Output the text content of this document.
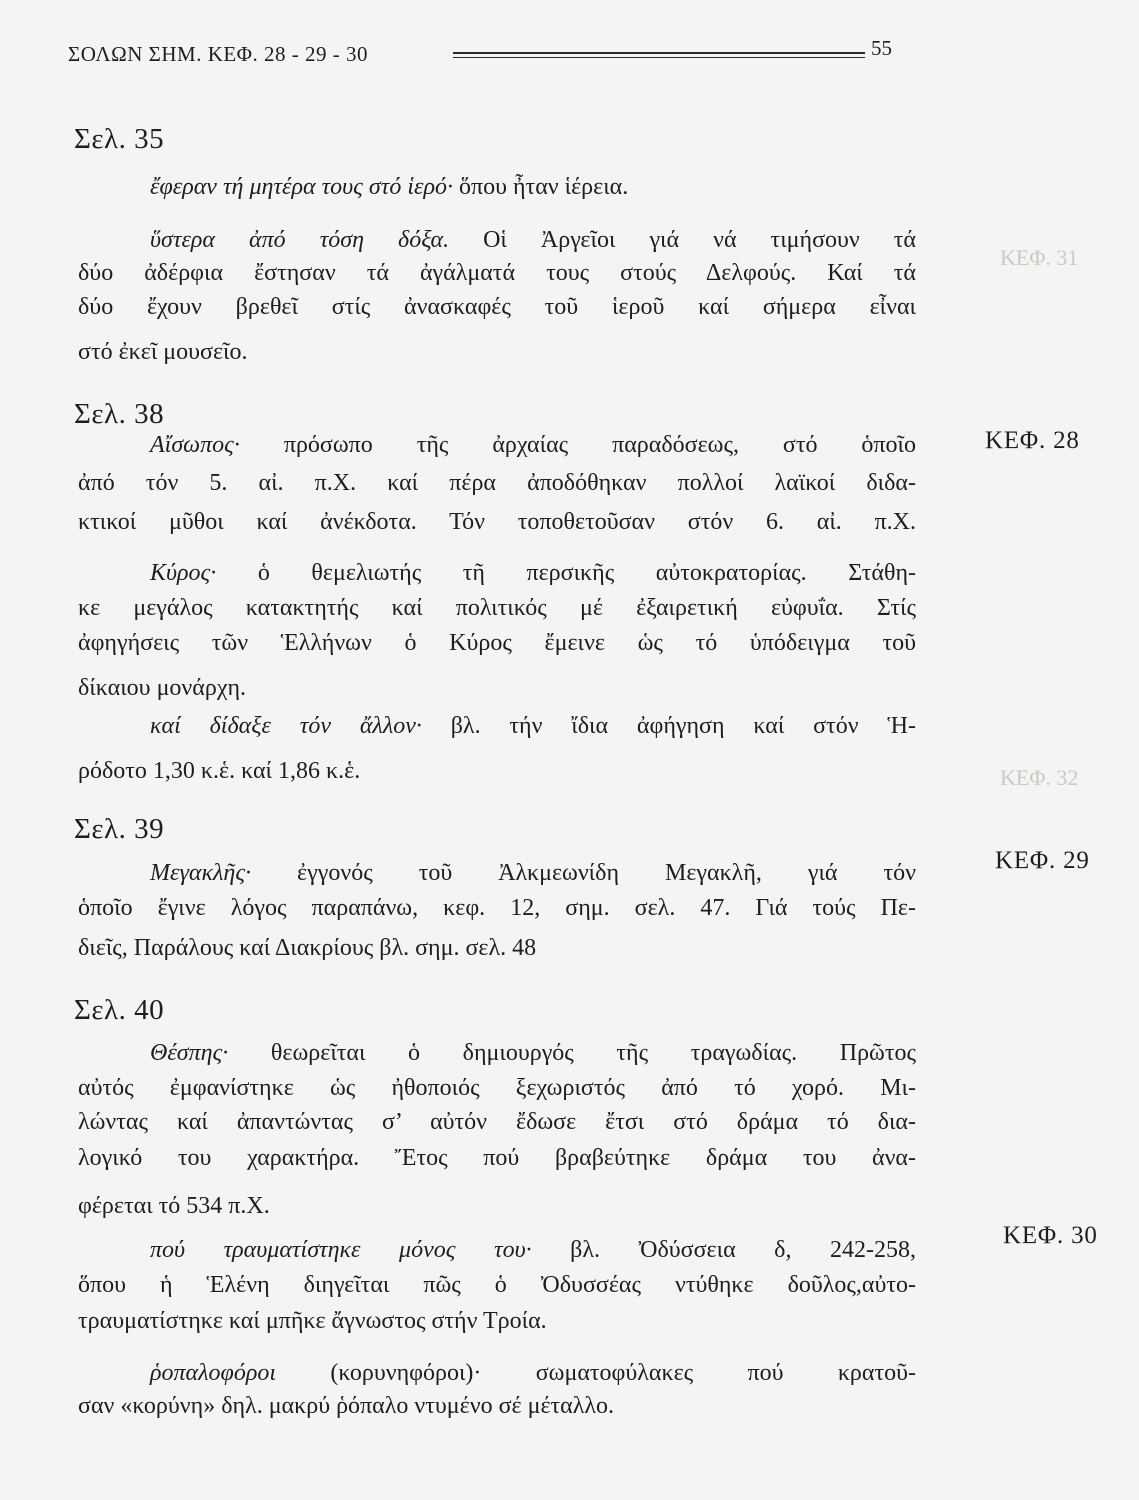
ΚΕΦ. 31
ΚΕΦ. 32
ΣΟΛΩΝ ΣΗΜ. ΚΕΦ. 28 - 29 - 30	55
Σελ. 35
ἔφεραν τή μητέρα τους στό ἱερό· ὅπου ἦταν ἱέρεια.
ὕστερα ἀπό τόση δόξα. Οἱ Ἀργεῖοι γιά νά τιμήσουν τά
δύο ἀδέρφια ἔστησαν τά ἀγάλματά τους στούς Δελφούς. Καί τά
δύο ἔχουν βρεθεῖ στίς ἀνασκαφές τοῦ ἱεροῦ καί σήμερα εἶναι
στό ἐκεῖ μουσεῖο.
Σελ. 38
ΚΕΦ. 28
Αἴσωπος· πρόσωπο τῆς ἀρχαίας παραδόσεως, στό ὁποῖο
ἀπό τόν 5. αἰ. π.Χ. καί πέρα ἀποδόθηκαν πολλοί λαϊκοί διδα-
κτικοί μῦθοι καί ἀνέκδοτα. Τόν τοποθετοῦσαν στόν 6. αἰ. π.Χ.
Κύρος· ὁ θεμελιωτής τῆ περσικῆς αὐτοκρατορίας. Στάθη-
κε μεγάλος κατακτητής καί πολιτικός μέ ἐξαιρετική εὐφυΐα. Στίς
ἀφηγήσεις τῶν Ἑλλήνων ὁ Κύρος ἔμεινε ὡς τό ὑπόδειγμα τοῦ
δίκαιου μονάρχη.
καί δίδαξε τόν ἄλλον· βλ. τήν ἴδια ἀφήγηση καί στόν Ἡ-
ρόδοτο 1,30 κ.ἑ. καί 1,86 κ.ἑ.
Σελ. 39
ΚΕΦ. 29
Μεγακλῆς· ἐγγονός τοῦ Ἀλκμεωνίδη Μεγακλῆ, γιά τόν
ὁποῖο ἔγινε λόγος παραπάνω, κεφ. 12, σημ. σελ. 47. Γιά τούς Πε-
διεῖς, Παράλους καί Διακρίους βλ. σημ. σελ. 48
Σελ. 40
Θέσπης· θεωρεῖται ὁ δημιουργός τῆς τραγωδίας. Πρῶτος
αὐτός ἐμφανίστηκε ὡς ἠθοποιός ξεχωριστός ἀπό τό χορό. Μι-
λώντας καί ἀπαντώντας σ’ αὐτόν ἔδωσε ἔτσι στό δράμα τό δια-
λογικό του χαρακτήρα. Ἔτος πού βραβεύτηκε δράμα του ἀνα-
φέρεται τό 534 π.Χ.
ΚΕΦ. 30
πού τραυματίστηκε μόνος του· βλ. Ὀδύσσεια δ, 242-258,
ὅπου ἡ Ἑλένη διηγεῖται πῶς ὁ Ὀδυσσέας ντύθηκε δοῦλος,αὐτο-
τραυματίστηκε καί μπῆκε ἄγνωστος στήν Τροία.
ῥοπαλοφόροι (κορυνηφόροι)· σωματοφύλακες πού κρατοῦ-
σαν «κορύνη» δηλ. μακρύ ῥόπαλο ντυμένο σέ μέταλλο.
